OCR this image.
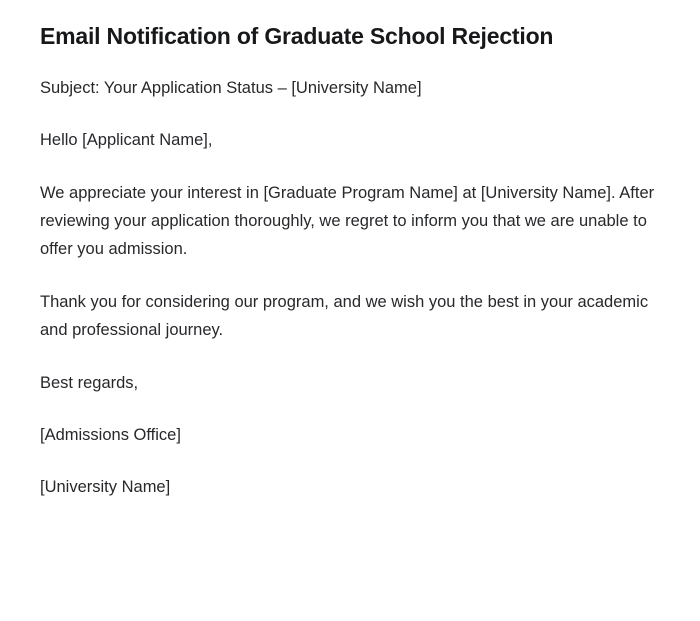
Email Notification of Graduate School Rejection

Subject: Your Application Status – [University Name]

Hello [Applicant Name],

We appreciate your interest in [Graduate Program Name] at [University Name]. After reviewing your application thoroughly, we regret to inform you that we are unable to offer you admission.

Thank you for considering our program, and we wish you the best in your academic and professional journey.

Best regards,

[Admissions Office]

[University Name]
